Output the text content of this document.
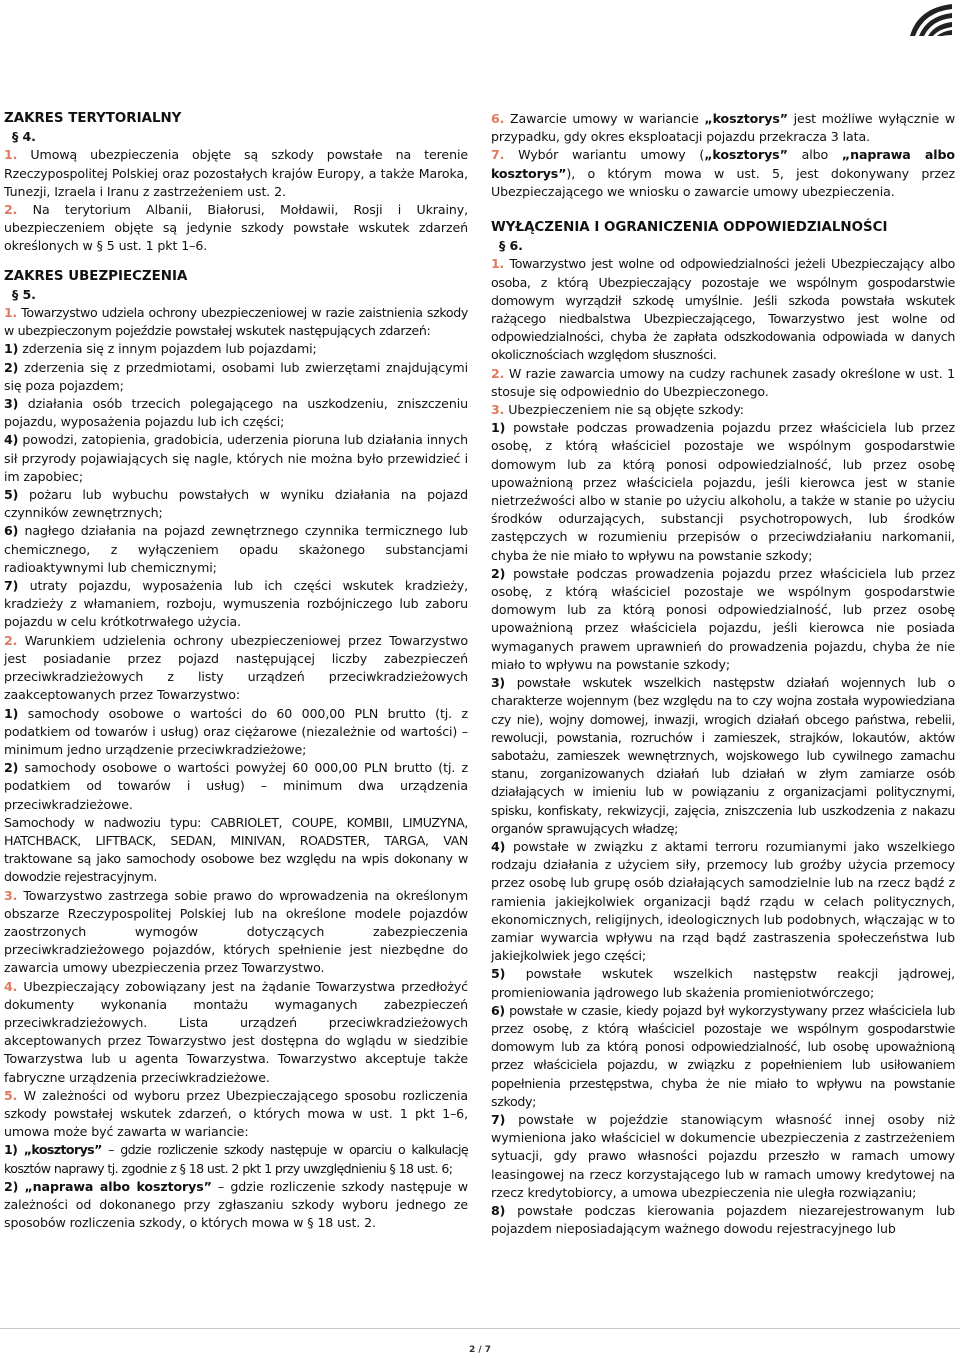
ZAKRES TERYTORIALNY

§ 4.

1. Umową ubezpieczenia objęte są szkody powstałe na terenie Rzeczypospolitej Polskiej oraz pozostałych krajów Europy, a także Maroka, Tunezji, Izraela i Iranu z zastrzeżeniem ust. 2.

2. Na terytorium Albanii, Białorusi, Mołdawii, Rosji i Ukrainy, ubezpieczeniem objęte są jedynie szkody powstałe wskutek zdarzeń określonych w § 5 ust. 1 pkt 1–6.

ZAKRES UBEZPIECZENIA

§ 5.

1. Towarzystwo udziela ochrony ubezpieczeniowej w razie zaistnienia szkody w ubezpieczonym pojeździe powstałej wskutek następujących zdarzeń:

1) zderzenia się z innym pojazdem lub pojazdami;

2) zderzenia się z przedmiotami, osobami lub zwierzętami znajdującymi się poza pojazdem;

3) działania osób trzecich polegającego na uszkodzeniu, zniszczeniu pojazdu, wyposażenia pojazdu lub ich części;

4) powodzi, zatopienia, gradobicia, uderzenia pioruna lub działania innych sił przyrody pojawiających się nagle, których nie można było przewidzieć i im zapobiec;

5) pożaru lub wybuchu powstałych w wyniku działania na pojazd czynników zewnętrznych;

6) nagłego działania na pojazd zewnętrznego czynnika termicznego lub chemicznego, z wyłączeniem opadu skażonego substancjami radioaktywnymi lub chemicznymi;

7) utraty pojazdu, wyposażenia lub ich części wskutek kradzieży, kradzieży z włamaniem, rozboju, wymuszenia rozbójniczego lub zaboru pojazdu w celu krótkotrwałego użycia.

2. Warunkiem udzielenia ochrony ubezpieczeniowej przez Towarzystwo jest posiadanie przez pojazd następującej liczby zabezpieczeń przeciwkradzieżowych z listy urządzeń przeciwkradzieżowych zaakceptowanych przez Towarzystwo:

1) samochody osobowe o wartości do 60 000,00 PLN brutto (tj. z podatkiem od towarów i usług) oraz ciężarowe (niezależnie od wartości) – minimum jedno urządzenie przeciwkradzieżowe;

2) samochody osobowe o wartości powyżej 60 000,00 PLN brutto (tj. z podatkiem od towarów i usług) – minimum dwa urządzenia przeciwkradzieżowe.

Samochody w nadwoziu typu: CABRIOLET, COUPE, KOMBII, LIMUZYNA, HATCHBACK, LIFTBACK, SEDAN, MINIVAN, ROADSTER, TARGA, VAN traktowane są jako samochody osobowe bez względu na wpis dokonany w dowodzie rejestracyjnym.

3. Towarzystwo zastrzega sobie prawo do wprowadzenia na określonym obszarze Rzeczypospolitej Polskiej lub na określone modele pojazdów zaostrzonych wymogów dotyczących zabezpieczenia przeciwkradzieżowego pojazdów, których spełnienie jest niezbędne do zawarcia umowy ubezpieczenia przez Towarzystwo.

4. Ubezpieczający zobowiązany jest na żądanie Towarzystwa przedłożyć dokumenty wykonania montażu wymaganych zabezpieczeń przeciwkradzieżowych. Lista urządzeń przeciwkradzieżowych akceptowanych przez Towarzystwo jest dostępna do wglądu w siedzibie Towarzystwa lub u agenta Towarzystwa. Towarzystwo akceptuje także fabryczne urządzenia przeciwkradzieżowe.

5. W zależności od wyboru przez Ubezpieczającego sposobu rozliczenia szkody powstałej wskutek zdarzeń, o których mowa w ust. 1 pkt 1–6, umowa może być zawarta w wariancie:

1) „kosztorys” – gdzie rozliczenie szkody następuje w oparciu o kalkulację kosztów naprawy tj. zgodnie z § 18 ust. 2 pkt 1 przy uwzględnieniu § 18 ust. 6;

2) „naprawa albo kosztorys” – gdzie rozliczenie szkody następuje w zależności od dokonanego przy zgłaszaniu szkody wyboru jednego ze sposobów rozliczenia szkody, o których mowa w § 18 ust. 2.

6. Zawarcie umowy w wariancie „kosztorys” jest możliwe wyłącznie w przypadku, gdy okres eksploatacji pojazdu przekracza 3 lata.

7. Wybór wariantu umowy („kosztorys” albo „naprawa albo kosztorys”), o którym mowa w ust. 5, jest dokonywany przez Ubezpieczającego we wniosku o zawarcie umowy ubezpieczenia.

WYŁĄCZENIA I OGRANICZENIA ODPOWIEDZIALNOŚCI

§ 6.

1. Towarzystwo jest wolne od odpowiedzialności jeżeli Ubezpieczający albo osoba, z którą Ubezpieczający pozostaje we wspólnym gospodarstwie domowym wyrządził szkodę umyślnie. Jeśli szkoda powstała wskutek rażącego niedbalstwa Ubezpieczającego, Towarzystwo jest wolne od odpowiedzialności, chyba że zapłata odszkodowania odpowiada w danych okolicznościach względom słuszności.

2. W razie zawarcia umowy na cudzy rachunek zasady określone w ust. 1 stosuje się odpowiednio do Ubezpieczonego.

3. Ubezpieczeniem nie są objęte szkody:

1) powstałe podczas prowadzenia pojazdu przez właściciela lub przez osobę, z którą właściciel pozostaje we wspólnym gospodarstwie domowym lub za którą ponosi odpowiedzialność, lub przez osobę upoważnioną przez właściciela pojazdu, jeśli kierowca jest w stanie nietrzeźwości albo w stanie po użyciu alkoholu, a także w stanie po użyciu środków odurzających, substancji psychotropowych, lub środków zastępczych w rozumieniu przepisów o przeciwdziałaniu narkomanii, chyba że nie miało to wpływu na powstanie szkody;

2) powstałe podczas prowadzenia pojazdu przez właściciela lub przez osobę, z którą właściciel pozostaje we wspólnym gospodarstwie domowym lub za którą ponosi odpowiedzialność, lub przez osobę upoważnioną przez właściciela pojazdu, jeśli kierowca nie posiada wymaganych prawem uprawnień do prowadzenia pojazdu, chyba że nie miało to wpływu na powstanie szkody;

3) powstałe wskutek wszelkich następstw działań wojennych lub o charakterze wojennym (bez względu na to czy wojna została wypowiedziana czy nie), wojny domowej, inwazji, wrogich działań obcego państwa, rebelii, rewolucji, powstania, rozruchów i zamieszek, strajków, lokautów, aktów sabotażu, zamieszek wewnętrznych, wojskowego lub cywilnego zamachu stanu, zorganizowanych działań lub działań w złym zamiarze osób działających w imieniu lub w powiązaniu z organizacjami politycznymi, spisku, konfiskaty, rekwizycji, zajęcia, zniszczenia lub uszkodzenia z nakazu organów sprawujących władzę;

4) powstałe w związku z aktami terroru rozumianymi jako wszelkiego rodzaju działania z użyciem siły, przemocy lub groźby użycia przemocy przez osobę lub grupę osób działających samodzielnie lub na rzecz bądź z ramienia jakiejkolwiek organizacji bądź rządu w celach politycznych, ekonomicznych, religijnych, ideologicznych lub podobnych, włączając w to zamiar wywarcia wpływu na rząd bądź zastraszenia społeczeństwa lub jakiejkolwiek jego części;

5) powstałe wskutek wszelkich następstw reakcji jądrowej, promieniowania jądrowego lub skażenia promieniotwórczego;

6) powstałe w czasie, kiedy pojazd był wykorzystywany przez właściciela lub przez osobę, z którą właściciel pozostaje we wspólnym gospodarstwie domowym lub za którą ponosi odpowiedzialność, lub osobę upoważnioną przez właściciela pojazdu, w związku z popełnieniem lub usiłowaniem popełnienia przestępstwa, chyba że nie miało to wpływu na powstanie szkody;

7) powstałe w pojeździe stanowiącym własność innej osoby niż wymieniona jako właściciel w dokumencie ubezpieczenia z zastrzeżeniem sytuacji, gdy prawo własności pojazdu przeszło w ramach umowy leasingowej na rzecz korzystającego lub w ramach umowy kredytowej na rzecz kredytobiorcy, a umowa ubezpieczenia nie uległa rozwiązaniu;

8) powstałe podczas kierowania pojazdem niezarejestrowanym lub pojazdem nieposiadającym ważnego dowodu rejestracyjnego lub

2 / 7
